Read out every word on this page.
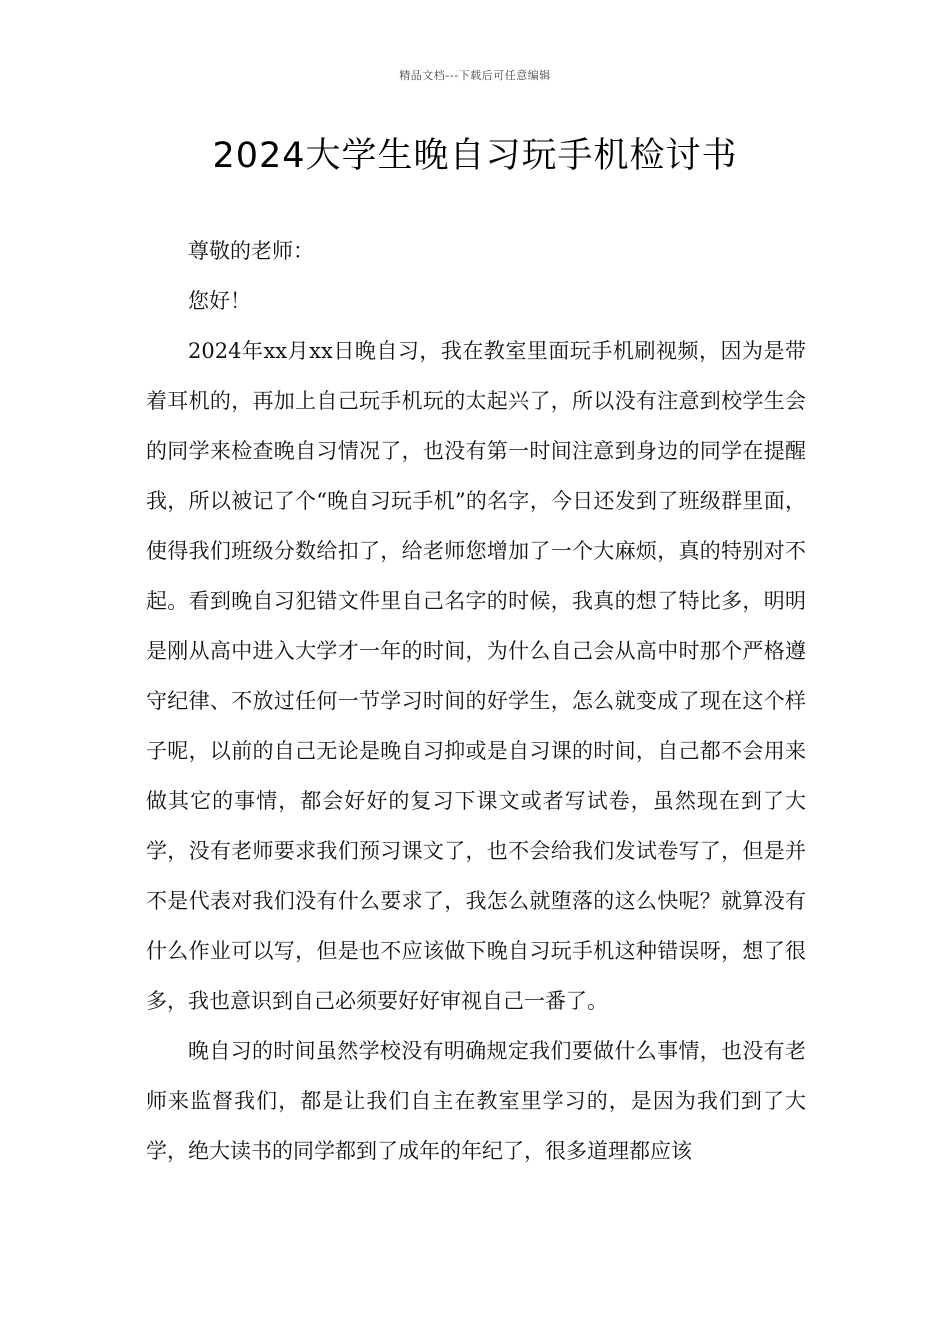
精品文档---下载后可任意编辑
2024大学生晚自习玩手机检讨书

尊敬的老师：

您好！

2024年xx月xx日晚自习，我在教室里面玩手机刷视频，因为是带着耳机的，再加上自己玩手机玩的太起兴了，所以没有注意到校学生会的同学来检查晚自习情况了，也没有第一时间注意到身边的同学在提醒我，所以被记了个“晚自习玩手机”的名字，今日还发到了班级群里面，使得我们班级分数给扣了，给老师您增加了一个大麻烦，真的特别对不起。看到晚自习犯错文件里自己名字的时候，我真的想了特比多，明明是刚从高中进入大学才一年的时间，为什么自己会从高中时那个严格遵守纪律、不放过任何一节学习时间的好学生，怎么就变成了现在这个样子呢，以前的自己无论是晚自习抑或是自习课的时间，自己都不会用来做其它的事情，都会好好的复习下课文或者写试卷，虽然现在到了大学，没有老师要求我们预习课文了，也不会给我们发试卷写了，但是并不是代表对我们没有什么要求了，我怎么就堕落的这么快呢？就算没有什么作业可以写，但是也不应该做下晚自习玩手机这种错误呀，想了很多，我也意识到自己必须要好好审视自己一番了。

晚自习的时间虽然学校没有明确规定我们要做什么事情，也没有老师来监督我们，都是让我们自主在教室里学习的，是因为我们到了大学，绝大读书的同学都到了成年的年纪了，很多道理都应该
